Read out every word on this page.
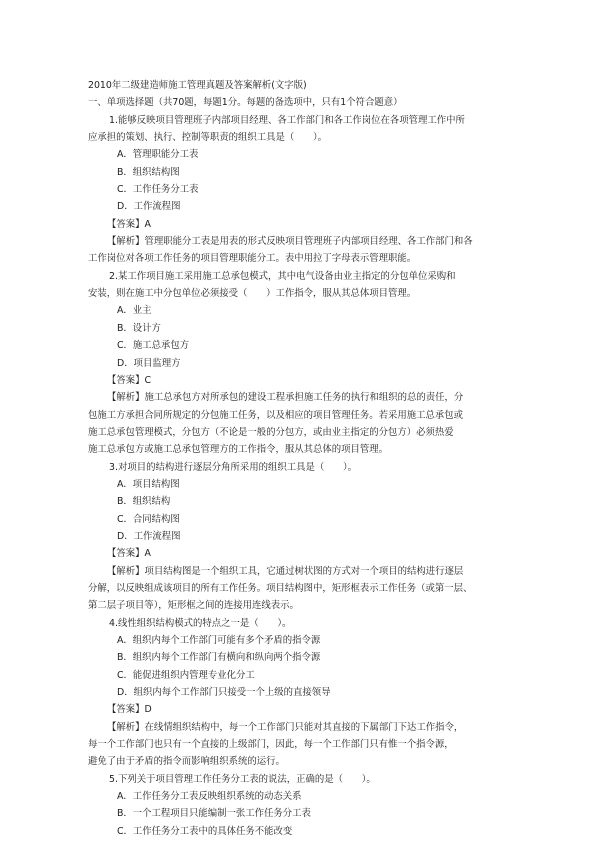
2010年二级建造师施工管理真题及答案解析(文字版)
一、单项选择题（共70题，每题1分。每题的备选项中，只有1个符合题意）
1.能够反映项目管理班子内部项目经理、各工作部门和各工作岗位在各项管理工作中所
应承担的策划、执行、控制等职责的组织工具是（　　）。
A．管理职能分工表
B．组织结构图
C．工作任务分工表
D．工作流程图
【答案】A
【解析】管理职能分工表是用表的形式反映项目管理班子内部项目经理、各工作部门和各
工作岗位对各项工作任务的项目管理职能分工。表中用拉丁字母表示管理职能。
2.某工作项目施工采用施工总承包模式，其中电气设备由业主指定的分包单位采购和
安装，则在施工中分包单位必须接受（　　）工作指令，服从其总体项目管理。
A．业主
B．设计方
C．施工总承包方
D．项目监理方
【答案】C
【解析】施工总承包方对所承包的建设工程承担施工任务的执行和组织的总的责任，分
包施工方承担合同所规定的分包施工任务，以及相应的项目管理任务。若采用施工总承包或
施工总承包管理模式，分包方（不论是一般的分包方，或由业主指定的分包方）必须热爱
施工总承包方或施工总承包管理方的工作指令，服从其总体的项目管理。
3.对项目的结构进行逐层分角所采用的组织工具是（　　）。
A．项目结构图
B．组织结构
C．合同结构图
D．工作流程图
【答案】A
【解析】项目结构图是一个组织工具，它通过树状图的方式对一个项目的结构进行逐层
分解，以反映组成该项目的所有工作任务。项目结构图中，矩形框表示工作任务（或第一层、
第二层子项目等），矩形框之间的连接用连线表示。
4.线性组织结构模式的特点之一是（　　）。
A．组织内每个工作部门可能有多个矛盾的指令源
B．组织内每个工作部门有横向和纵向两个指令源
C．能促进组织内管理专业化分工
D．组织内每个工作部门只接受一个上级的直接领导
【答案】D
【解析】在线情组织结构中，每一个工作部门只能对其直接的下属部门下达工作指令，
每一个工作部门也只有一个直接的上级部门，因此，每一个工作部门只有惟一个指令源，
避免了由于矛盾的指令而影响组织系统的运行。
5.下列关于项目管理工作任务分工表的说法，正确的是（　　）。
A．工作任务分工表反映组织系统的动态关系
B．一个工程项目只能编制一张工作任务分工表
C．工作任务分工表中的具体任务不能改变
